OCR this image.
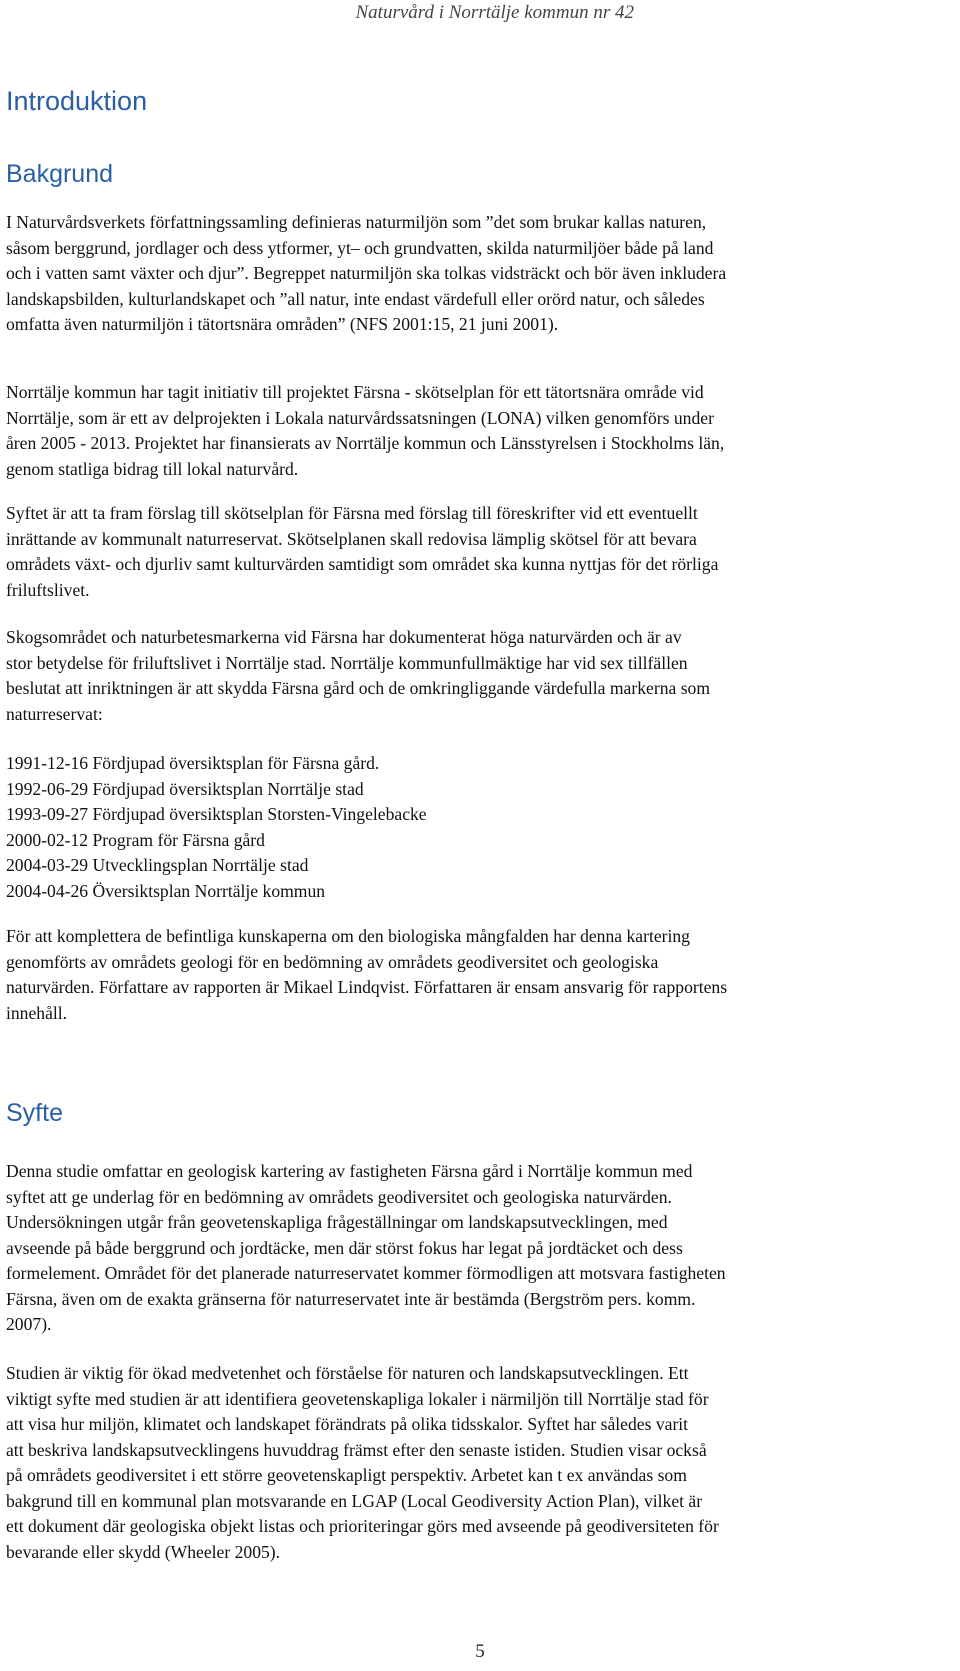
Naturvård i Norrtälje kommun nr 42
Introduktion
Bakgrund

I Naturvårdsverkets författningssamling definieras naturmiljön som ”det som brukar kallas naturen,
såsom berggrund, jordlager och dess ytformer, yt– och grundvatten, skilda naturmiljöer både på land
och i vatten samt växter och djur”. Begreppet naturmiljön ska tolkas vidsträckt och bör även inkludera
landskapsbilden, kulturlandskapet och ”all natur, inte endast värdefull eller orörd natur, och således
omfatta även naturmiljön i tätortsnära områden” (NFS 2001:15, 21 juni 2001).

Norrtälje kommun har tagit initiativ till projektet Färsna - skötselplan för ett tätortsnära område vid
Norrtälje, som är ett av delprojekten i Lokala naturvårdssatsningen (LONA) vilken genomförs under
åren 2005 - 2013. Projektet har finansierats av Norrtälje kommun och Länsstyrelsen i Stockholms län,
genom statliga bidrag till lokal naturvård.

Syftet är att ta fram förslag till skötselplan för Färsna med förslag till föreskrifter vid ett eventuellt
inrättande av kommunalt naturreservat. Skötselplanen skall redovisa lämplig skötsel för att bevara
områdets växt- och djurliv samt kulturvärden samtidigt som området ska kunna nyttjas för det rörliga
friluftslivet.

Skogsområdet och naturbetesmarkerna vid Färsna har dokumenterat höga naturvärden och är av
stor betydelse för friluftslivet i Norrtälje stad. Norrtälje kommunfullmäktige har vid sex tillfällen
beslutat att inriktningen är att skydda Färsna gård och de omkringliggande värdefulla markerna som
naturreservat:

1991-12-16 Fördjupad översiktsplan för Färsna gård.
1992-06-29 Fördjupad översiktsplan Norrtälje stad
1993-09-27 Fördjupad översiktsplan Storsten-Vingelebacke
2000-02-12 Program för Färsna gård
2004-03-29 Utvecklingsplan Norrtälje stad
2004-04-26 Översiktsplan Norrtälje kommun

För att komplettera de befintliga kunskaperna om den biologiska mångfalden har denna kartering
genomförts av områdets geologi för en bedömning av områdets geodiversitet och geologiska
naturvärden. Författare av rapporten är Mikael Lindqvist. Författaren är ensam ansvarig för rapportens
innehåll.

Syfte

Denna studie omfattar en geologisk kartering av fastigheten Färsna gård i Norrtälje kommun med
syftet att ge underlag för en bedömning av områdets geodiversitet och geologiska naturvärden.
Undersökningen utgår från geovetenskapliga frågeställningar om landskapsutvecklingen, med
avseende på både berggrund och jordtäcke, men där störst fokus har legat på jordtäcket och dess
formelement. Området för det planerade naturreservatet kommer förmodligen att motsvara fastigheten
Färsna, även om de exakta gränserna för naturreservatet inte är bestämda (Bergström pers. komm.
2007).

Studien är viktig för ökad medvetenhet och förståelse för naturen och landskapsutvecklingen. Ett
viktigt syfte med studien är att identifiera geovetenskapliga lokaler i närmiljön till Norrtälje stad för
att visa hur miljön, klimatet och landskapet förändrats på olika tidsskalor. Syftet har således varit
att beskriva landskapsutvecklingens huvuddrag främst efter den senaste istiden. Studien visar också
på områdets geodiversitet i ett större geovetenskapligt perspektiv. Arbetet kan t ex användas som
bakgrund till en kommunal plan motsvarande en LGAP (Local Geodiversity Action Plan), vilket är
ett dokument där geologiska objekt listas och prioriteringar görs med avseende på geodiversiteten för
bevarande eller skydd (Wheeler 2005).

5
